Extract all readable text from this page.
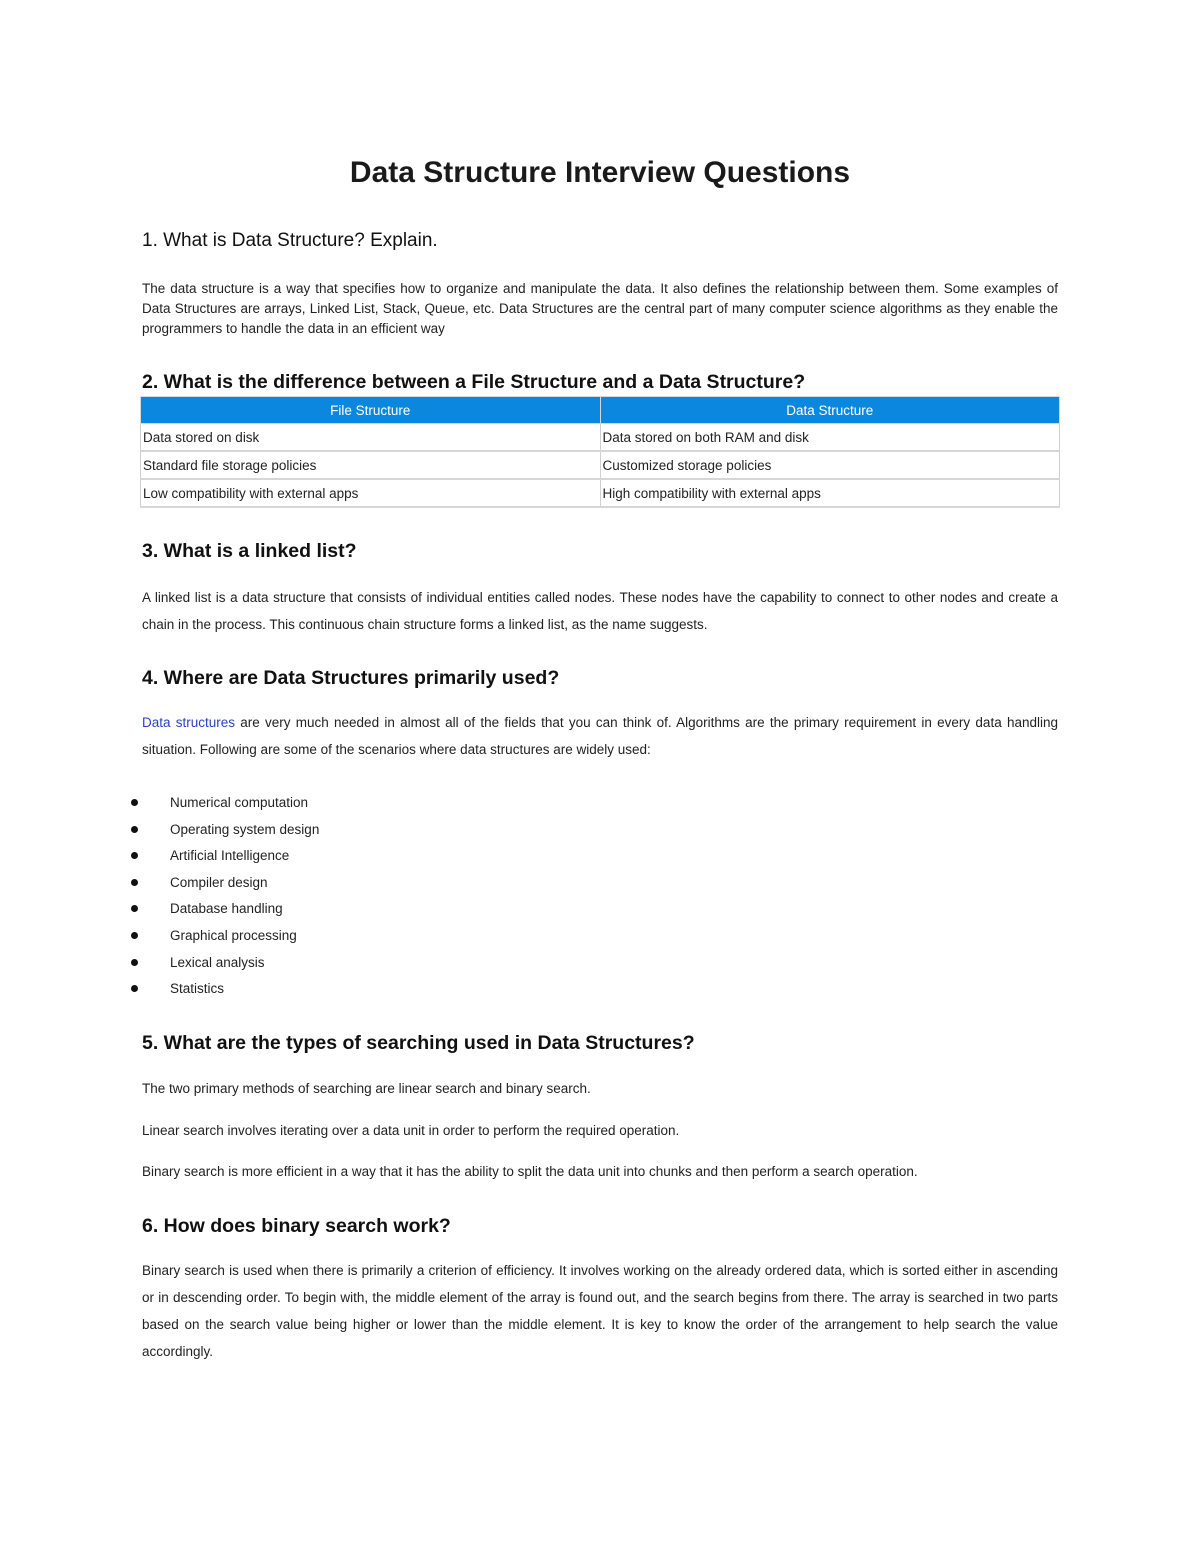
Data Structure Interview Questions
1. What is Data Structure? Explain.

The data structure is a way that specifies how to organize and manipulate the data. It also defines the relationship between them. Some examples of Data Structures are arrays, Linked List, Stack, Queue, etc. Data Structures are the central part of many computer science algorithms as they enable the programmers to handle the data in an efficient way

2. What is the difference between a File Structure and a Data Structure?
File Structure	Data Structure
Data stored on disk	Data stored on both RAM and disk
Standard file storage policies	Customized storage policies
Low compatibility with external apps	High compatibility with external apps
3. What is a linked list?

A linked list is a data structure that consists of individual entities called nodes. These nodes have the capability to connect to other nodes and create a chain in the process. This continuous chain structure forms a linked list, as the name suggests.

4. Where are Data Structures primarily used?

Data structures are very much needed in almost all of the fields that you can think of. Algorithms are the primary requirement in every data handling situation. Following are some of the scenarios where data structures are widely used:

Numerical computation
Operating system design
Artificial Intelligence
Compiler design
Database handling
Graphical processing
Lexical analysis
Statistics
5. What are the types of searching used in Data Structures?

The two primary methods of searching are linear search and binary search.

Linear search involves iterating over a data unit in order to perform the required operation.

Binary search is more efficient in a way that it has the ability to split the data unit into chunks and then perform a search operation.

6. How does binary search work?

Binary search is used when there is primarily a criterion of efficiency. It involves working on the already ordered data, which is sorted either in ascending or in descending order. To begin with, the middle element of the array is found out, and the search begins from there. The array is searched in two parts based on the search value being higher or lower than the middle element. It is key to know the order of the arrangement to help search the value accordingly.
